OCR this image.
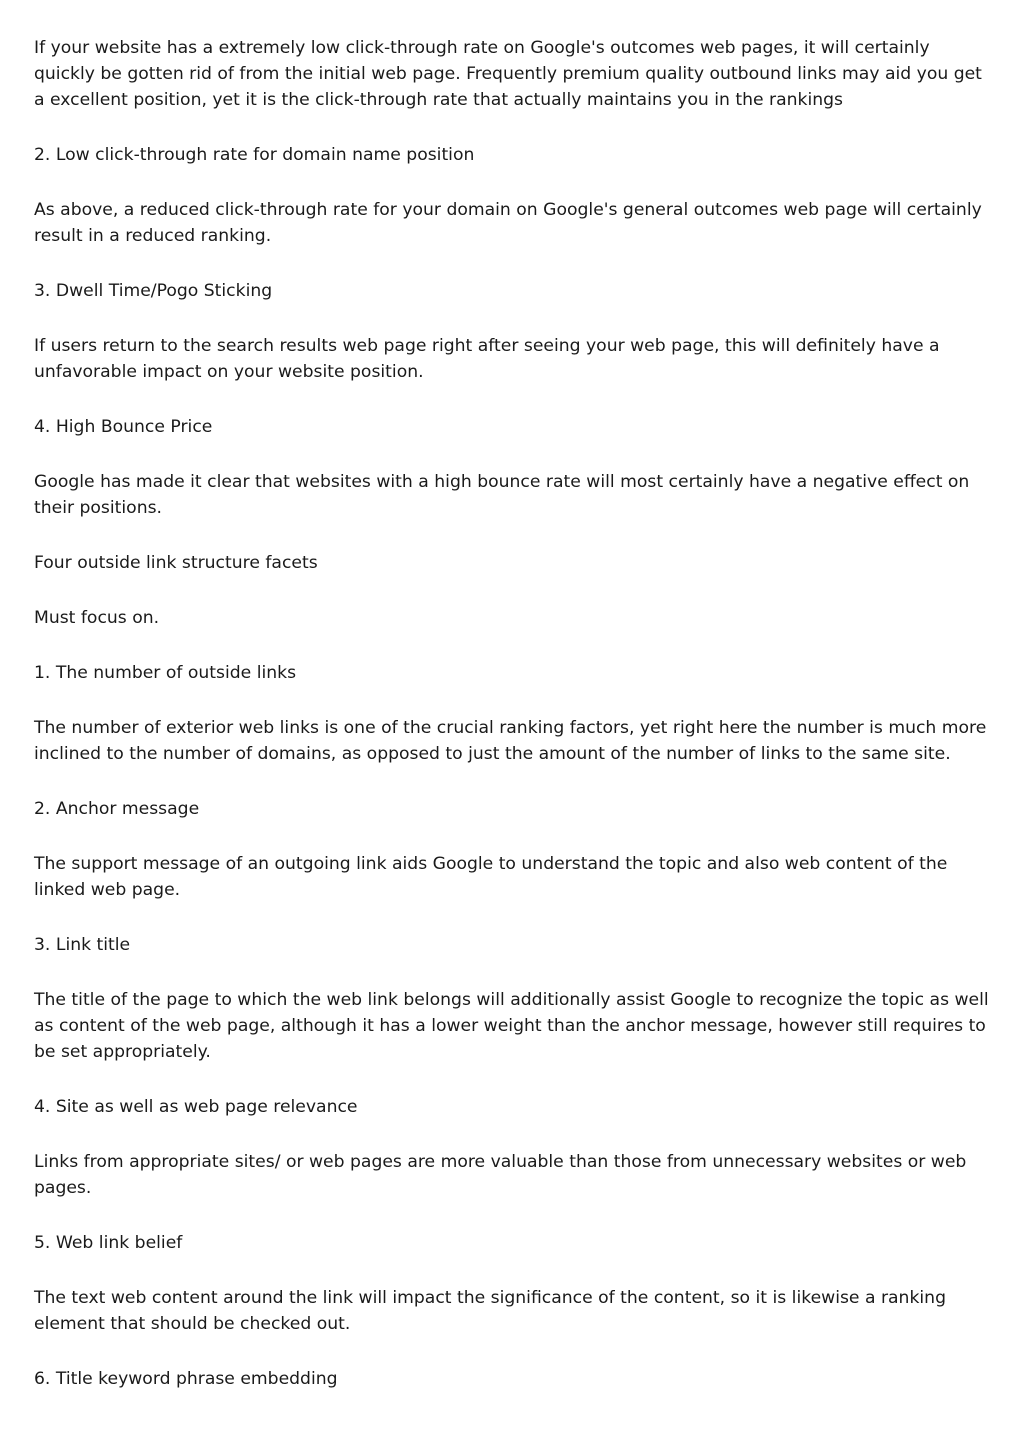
If your website has a extremely low click-through rate on Google's outcomes web pages, it will certainly quickly be gotten rid of from the initial web page. Frequently premium quality outbound links may aid you get a excellent position, yet it is the click-through rate that actually maintains you in the rankings

2. Low click-through rate for domain name position

As above, a reduced click-through rate for your domain on Google's general outcomes web page will certainly result in a reduced ranking.

3. Dwell Time/Pogo Sticking

If users return to the search results web page right after seeing your web page, this will definitely have a unfavorable impact on your website position.

4. High Bounce Price

Google has made it clear that websites with a high bounce rate will most certainly have a negative effect on their positions.

Four outside link structure facets

Must focus on.

1. The number of outside links

The number of exterior web links is one of the crucial ranking factors, yet right here the number is much more inclined to the number of domains, as opposed to just the amount of the number of links to the same site.

2. Anchor message

The support message of an outgoing link aids Google to understand the topic and also web content of the linked web page.

3. Link title

The title of the page to which the web link belongs will additionally assist Google to recognize the topic as well as content of the web page, although it has a lower weight than the anchor message, however still requires to be set appropriately.

4. Site as well as web page relevance

Links from appropriate sites/ or web pages are more valuable than those from unnecessary websites or web pages.

5. Web link belief

The text web content around the link will impact the significance of the content, so it is likewise a ranking element that should be checked out.

6. Title keyword phrase embedding
